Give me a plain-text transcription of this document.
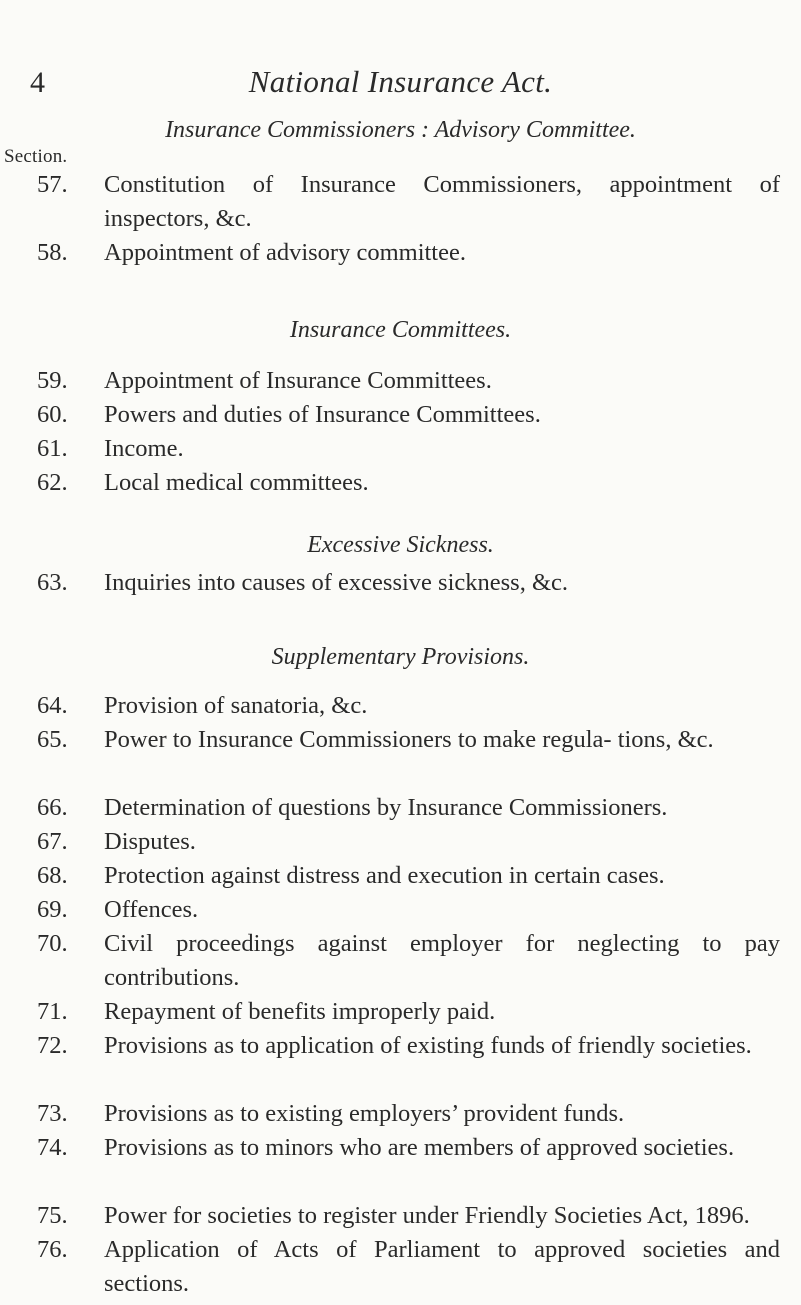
4	National Insurance Act.
Insurance Commissioners : Advisory Committee.
Section.
57. Constitution of Insurance Commissioners, appointment of inspectors, &c.
58. Appointment of advisory committee.
Insurance Committees.
59. Appointment of Insurance Committees.
60. Powers and duties of Insurance Committees.
61. Income.
62. Local medical committees.
Excessive Sickness.
63. Inquiries into causes of excessive sickness, &c.
Supplementary Provisions.
64. Provision of sanatoria, &c.
65. Power to Insurance Commissioners to make regula- tions, &c.
66. Determination of questions by Insurance Commissioners.
67. Disputes.
68. Protection against distress and execution in certain cases.
69. Offences.
70. Civil proceedings against employer for neglecting to pay contributions.
71. Repayment of benefits improperly paid.
72. Provisions as to application of existing funds of friendly societies.
73. Provisions as to existing employers’ provident funds.
74. Provisions as to minors who are members of approved societies.
75. Power for societies to register under Friendly Societies Act, 1896.
76. Application of Acts of Parliament to approved societies and sections.
